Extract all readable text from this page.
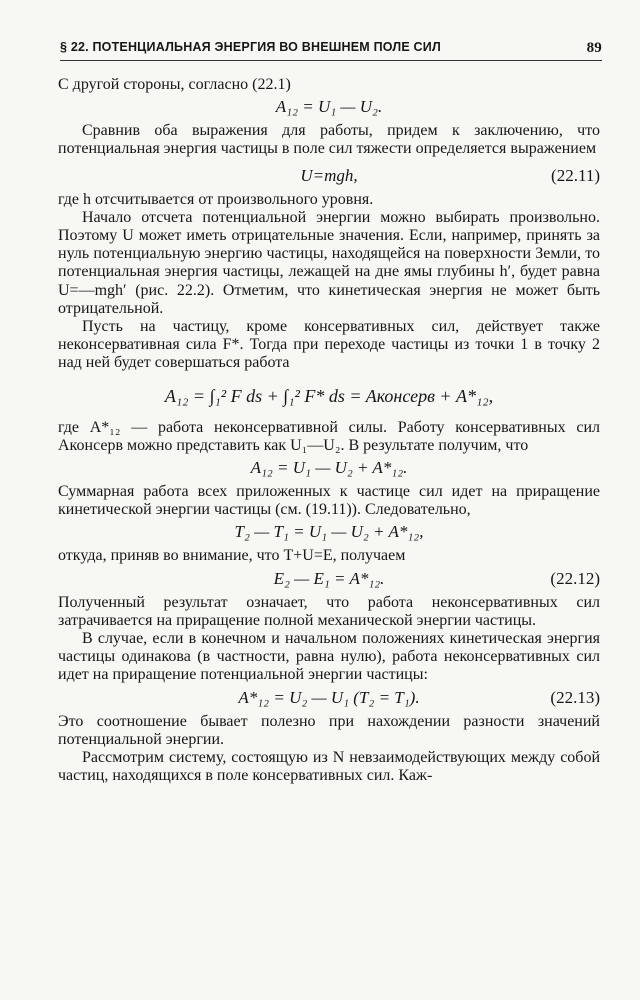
§ 22. ПОТЕНЦИАЛЬНАЯ ЭНЕРГИЯ ВО ВНЕШНЕМ ПОЛЕ СИЛ	89

С другой стороны, согласно (22.1)

A₁₂ = U₁ — U₂.

Сравнив оба выражения для работы, придем к заключению, что потенциальная энергия частицы в поле сил тяжести определяется выражением

U=mgh,	(22.11)

где h отсчитывается от произвольного уровня.

Начало отсчета потенциальной энергии можно выбирать произвольно. Поэтому U может иметь отрицательные значения. Если, например, принять за нуль потенциальную энергию частицы, находящейся на поверхности Земли, то потенциальная энергия частицы, лежащей на дне ямы глубины h′, будет равна U=—mgh′ (рис. 22.2). Отметим, что кинетическая энергия не может быть отрицательной.

Пусть на частицу, кроме консервативных сил, действует также неконсервативная сила F*. Тогда при переходе частицы из точки 1 в точку 2 над ней будет совершаться работа

A₁₂ = ∫₁² F ds + ∫₁² F* ds = Aконсерв + A*₁₂,

где A*₁₂ — работа неконсервативной силы. Работу консервативных сил Aконсерв можно представить как U₁—U₂. В результате получим, что

A₁₂ = U₁ — U₂ + A*₁₂.

Суммарная работа всех приложенных к частице сил идет на приращение кинетической энергии частицы (см. (19.11)). Следовательно,

T₂ — T₁ = U₁ — U₂ + A*₁₂,

откуда, приняв во внимание, что T+U=E, получаем

E₂ — E₁ = A*₁₂.	(22.12)

Полученный результат означает, что работа неконсервативных сил затрачивается на приращение полной механической энергии частицы.

В случае, если в конечном и начальном положениях кинетическая энергия частицы одинакова (в частности, равна нулю), работа неконсервативных сил идет на приращение потенциальной энергии частицы:

A*₁₂ = U₂ — U₁ (T₂ = T₁).	(22.13)

Это соотношение бывает полезно при нахождении разности значений потенциальной энергии.

Рассмотрим систему, состоящую из N невзаимодействующих между собой частиц, находящихся в поле консервативных сил. Каж-
